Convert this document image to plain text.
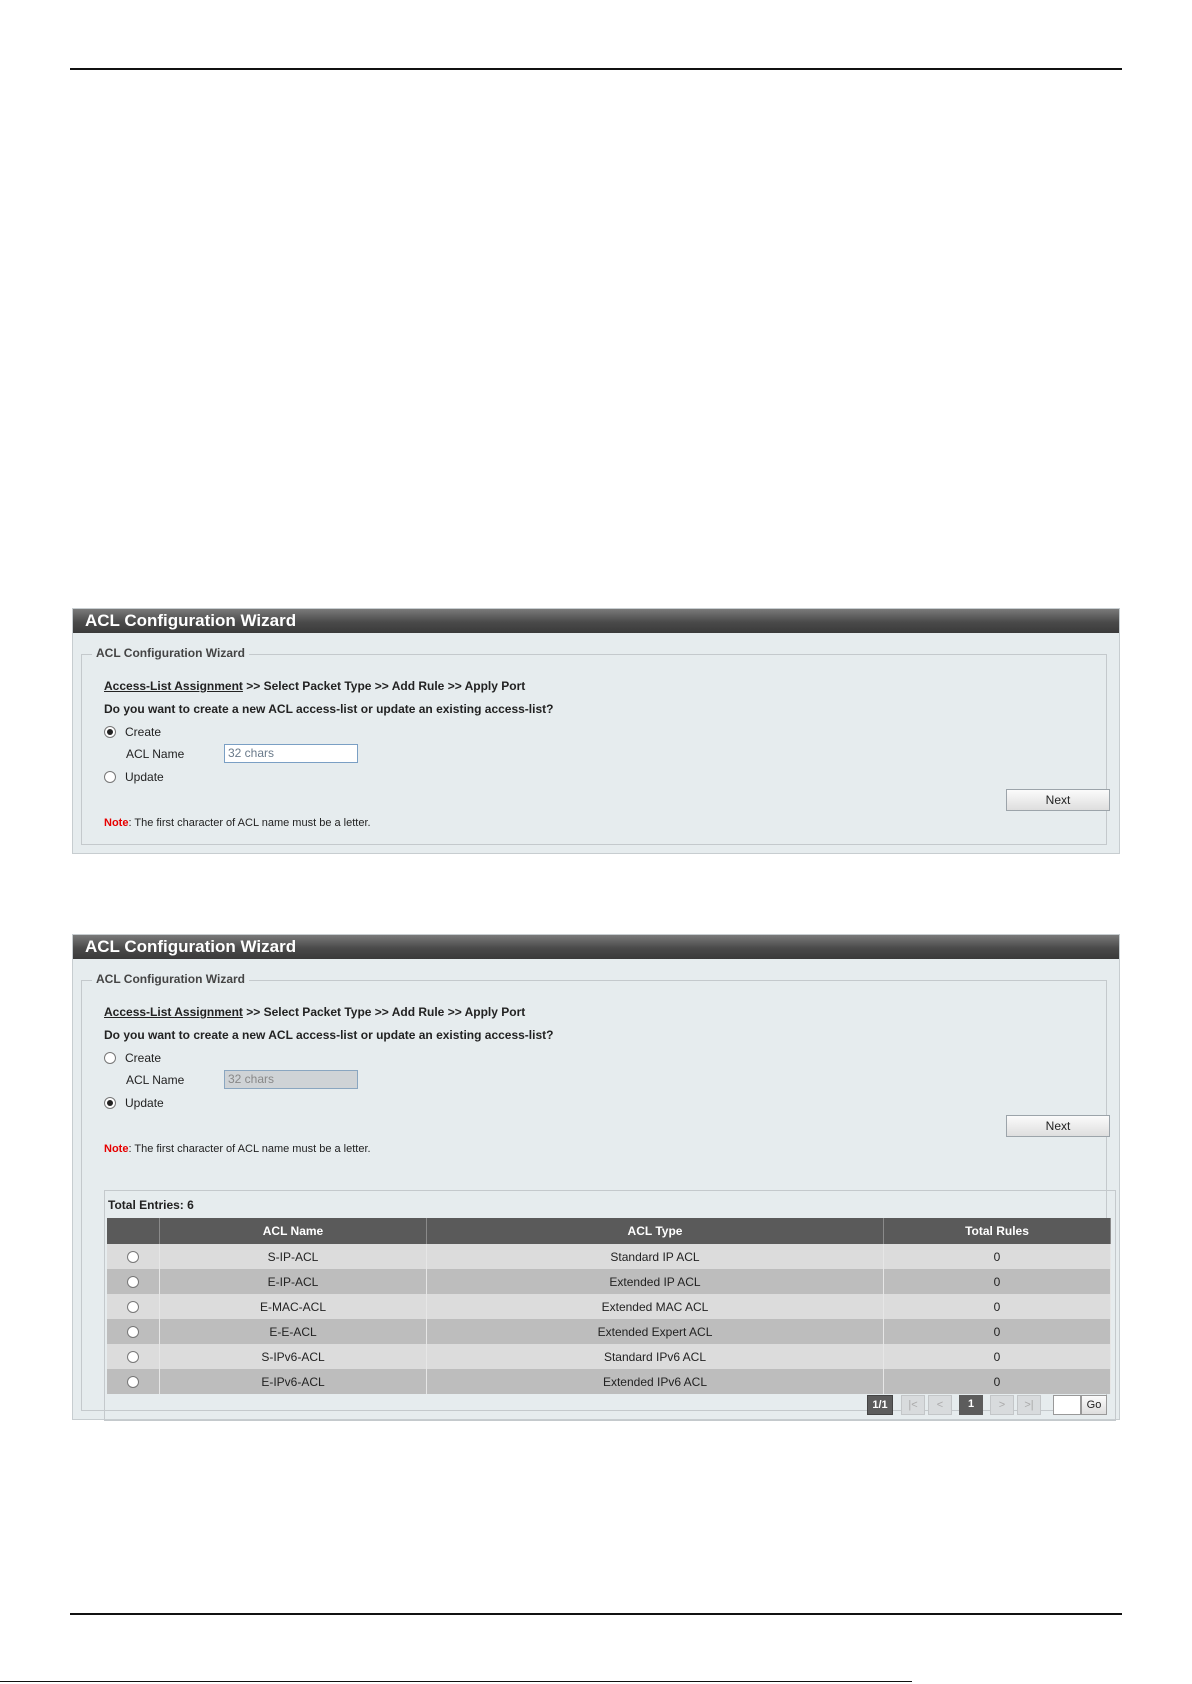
ACL Configuration Wizard
ACL Configuration Wizard
Access-List Assignment >> Select Packet Type >> Add Rule >> Apply Port
Do you want to create a new ACL access-list or update an existing access-list?
Create
ACL Name	32 chars
Update
Next
Note: The first character of ACL name must be a letter.
ACL Configuration Wizard
ACL Configuration Wizard
Access-List Assignment >> Select Packet Type >> Add Rule >> Apply Port
Do you want to create a new ACL access-list or update an existing access-list?
Create
ACL Name	32 chars
Update
Next
Note: The first character of ACL name must be a letter.
Total Entries: 6
	ACL Name	ACL Type	Total Rules
	S-IP-ACL	Standard IP ACL	0
	E-IP-ACL	Extended IP ACL	0
	E-MAC-ACL	Extended MAC ACL	0
	E-E-ACL	Extended Expert ACL	0
	S-IPv6-ACL	Standard IPv6 ACL	0
	E-IPv6-ACL	Extended IPv6 ACL	0
1/1	|<	<	1	>	>|	Go
